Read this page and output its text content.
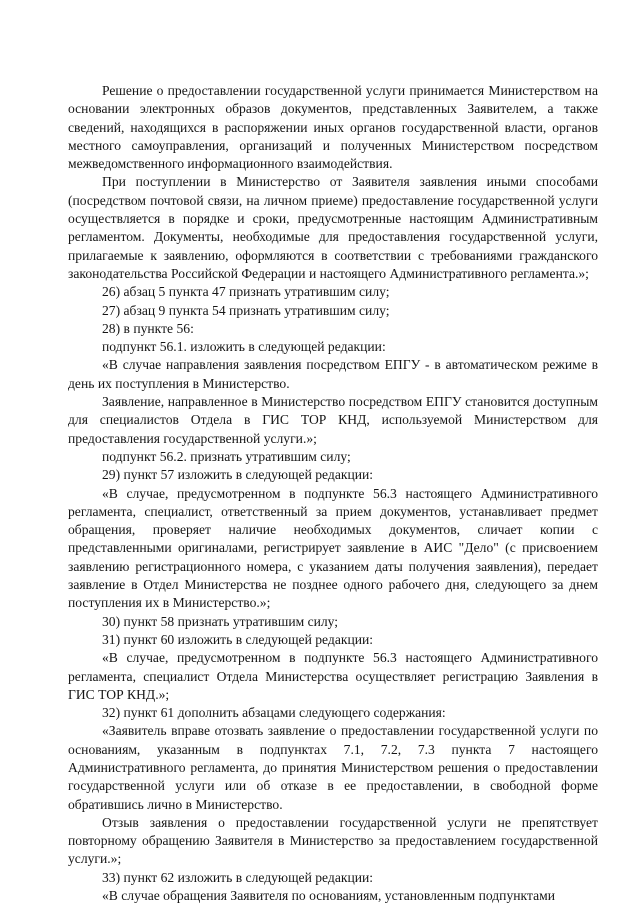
Решение о предоставлении государственной услуги принимается Министерством на основании электронных образов документов, представленных Заявителем, а также сведений, находящихся в распоряжении иных органов государственной власти, органов местного самоуправления, организаций и полученных Министерством посредством межведомственного информационного взаимодействия.

При поступлении в Министерство от Заявителя заявления иными способами (посредством почтовой связи, на личном приеме) предоставление государственной услуги осуществляется в порядке и сроки, предусмотренные настоящим Административным регламентом. Документы, необходимые для предоставления государственной услуги, прилагаемые к заявлению, оформляются в соответствии с требованиями гражданского законодательства Российской Федерации и настоящего Административного регламента.»;

26) абзац 5 пункта 47 признать утратившим силу;

27) абзац 9 пункта 54 признать утратившим силу;

28) в пункте 56:

подпункт 56.1. изложить в следующей редакции:

«В случае направления заявления посредством ЕПГУ - в автоматическом режиме в день их поступления в Министерство.

Заявление, направленное в Министерство посредством ЕПГУ становится доступным для специалистов Отдела в ГИС ТОР КНД, используемой Министерством для предоставления государственной услуги.»;

подпункт 56.2. признать утратившим силу;

29) пункт 57 изложить в следующей редакции:

«В случае, предусмотренном в подпункте 56.3 настоящего Административного регламента, специалист, ответственный за прием документов, устанавливает предмет обращения, проверяет наличие необходимых документов, сличает копии с представленными оригиналами, регистрирует заявление в АИС "Дело" (с присвоением заявлению регистрационного номера, с указанием даты получения заявления), передает заявление в Отдел Министерства не позднее одного рабочего дня, следующего за днем поступления их в Министерство.»;

30) пункт 58 признать утратившим силу;

31) пункт 60 изложить в следующей редакции:

«В случае, предусмотренном в подпункте 56.3 настоящего Административного регламента, специалист Отдела Министерства осуществляет регистрацию Заявления в ГИС ТОР КНД.»;

32) пункт 61 дополнить абзацами следующего содержания:

«Заявитель вправе отозвать заявление о предоставлении государственной услуги по основаниям, указанным в подпунктах 7.1, 7.2, 7.3 пункта 7 настоящего Административного регламента, до принятия Министерством решения о предоставлении государственной услуги или об отказе в ее предоставлении, в свободной форме обратившись лично в Министерство.

Отзыв заявления о предоставлении государственной услуги не препятствует повторному обращению Заявителя в Министерство за предоставлением государственной услуги.»;

33) пункт 62 изложить в следующей редакции:

«В случае обращения Заявителя по основаниям, установленным подпунктами
